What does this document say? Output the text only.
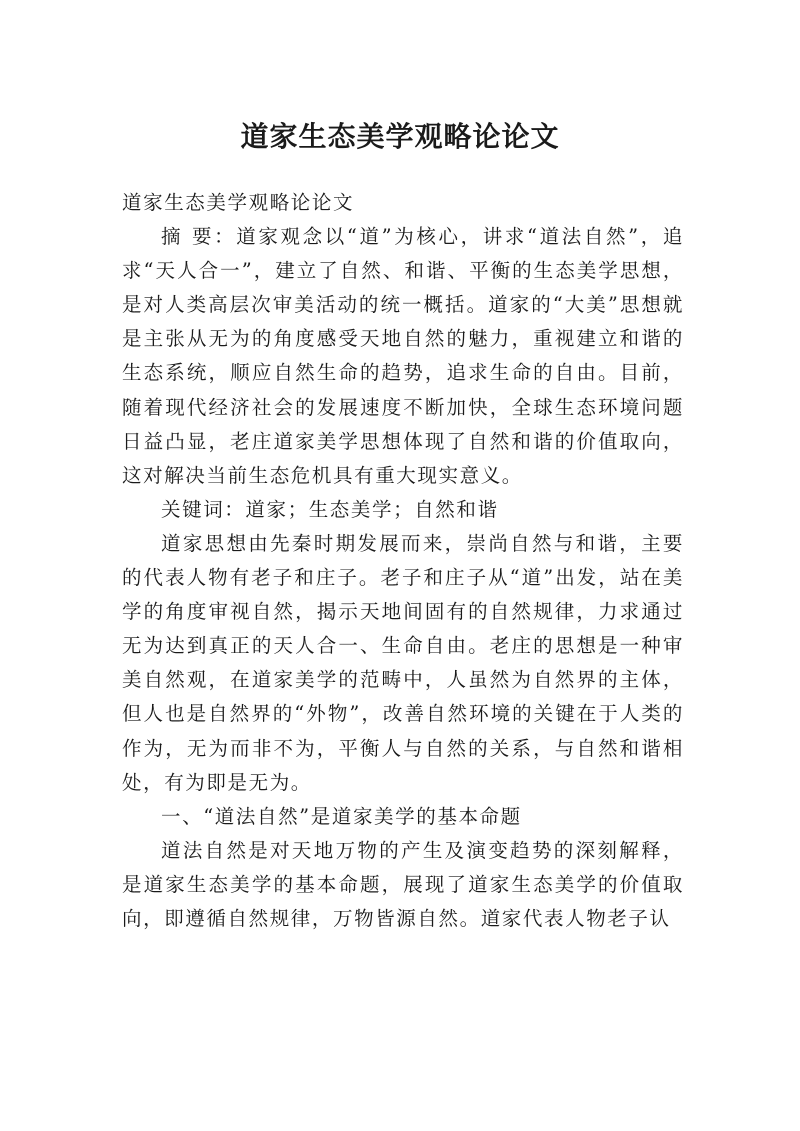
道家生态美学观略论论文

道家生态美学观略论论文

摘 要：道家观念以“道”为核心，讲求“道法自然”，追求“天人合一”，建立了自然、和谐、平衡的生态美学思想，是对人类高层次审美活动的统一概括。道家的“大美”思想就是主张从无为的角度感受天地自然的魅力，重视建立和谐的生态系统，顺应自然生命的趋势，追求生命的自由。目前，随着现代经济社会的发展速度不断加快，全球生态环境问题日益凸显，老庄道家美学思想体现了自然和谐的价值取向，这对解决当前生态危机具有重大现实意义。

关键词：道家；生态美学；自然和谐

道家思想由先秦时期发展而来，崇尚自然与和谐，主要的代表人物有老子和庄子。老子和庄子从“道”出发，站在美学的角度审视自然，揭示天地间固有的自然规律，力求通过无为达到真正的天人合一、生命自由。老庄的思想是一种审美自然观，在道家美学的范畴中，人虽然为自然界的主体，但人也是自然界的“外物”，改善自然环境的关键在于人类的作为，无为而非不为，平衡人与自然的关系，与自然和谐相处，有为即是无为。

一、“道法自然”是道家美学的基本命题

道法自然是对天地万物的产生及演变趋势的深刻解释，是道家生态美学的基本命题，展现了道家生态美学的价值取向，即遵循自然规律，万物皆源自然。道家代表人物老子认
